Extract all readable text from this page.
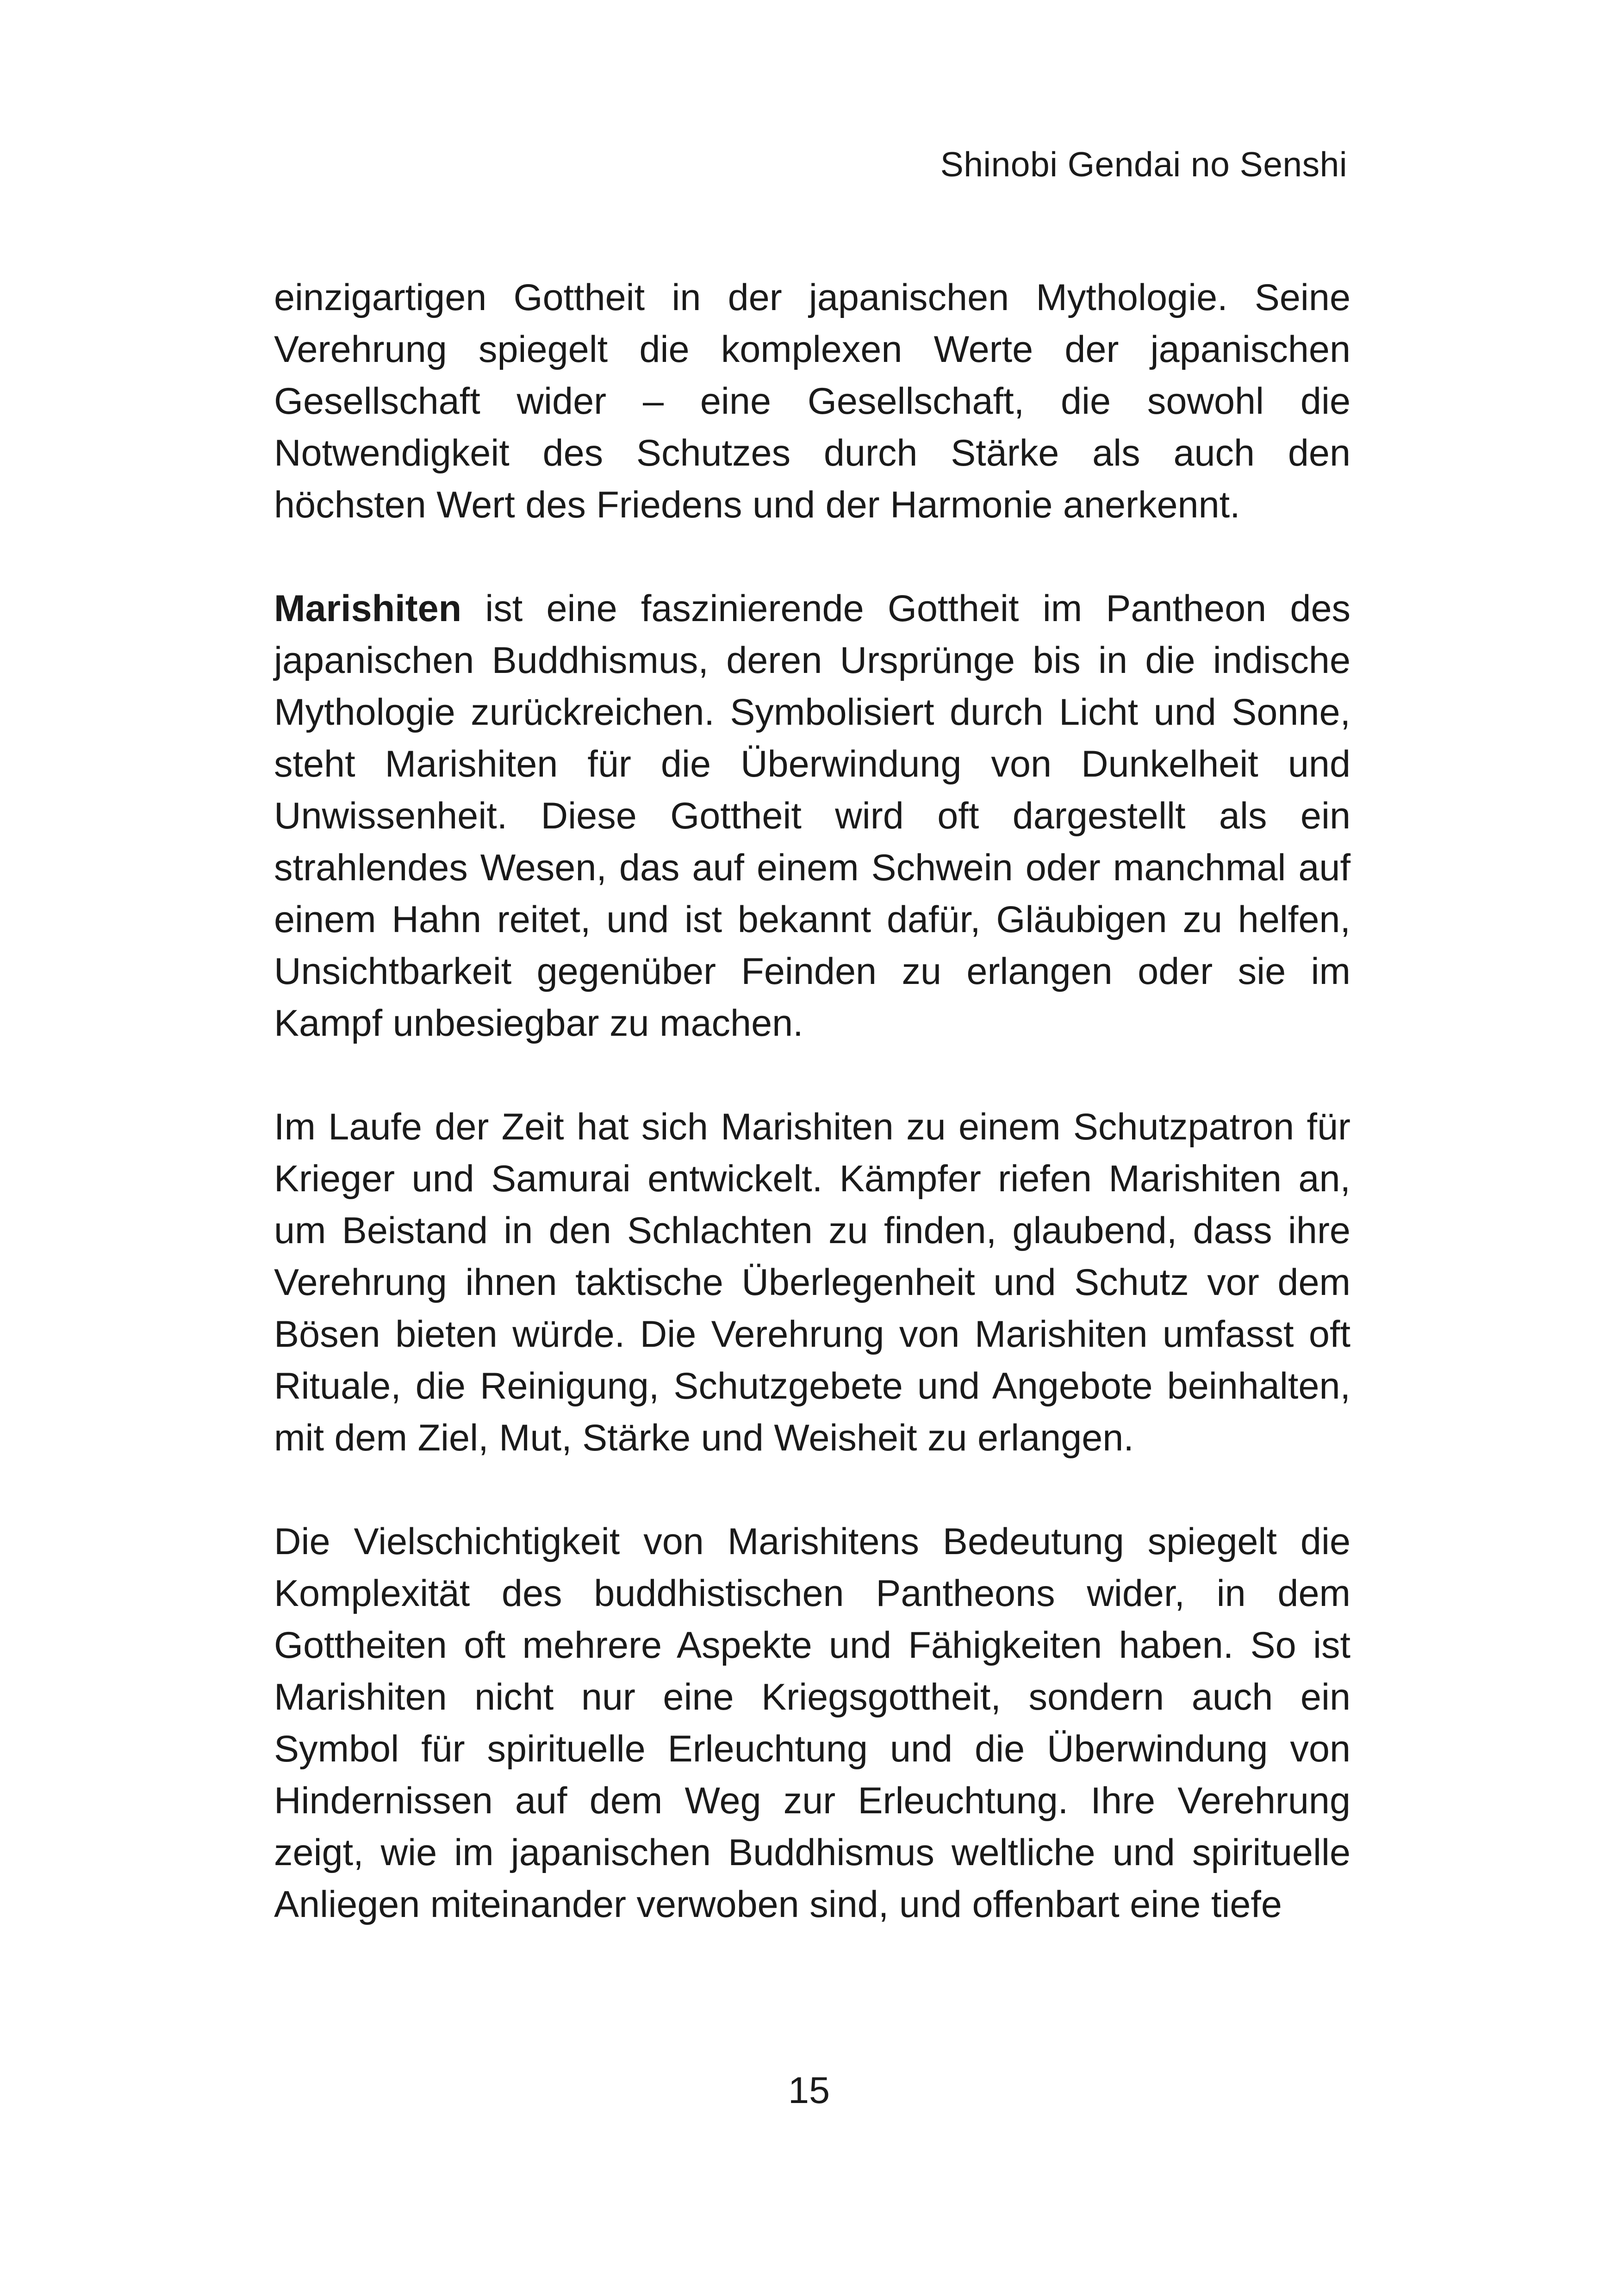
Shinobi Gendai no Senshi

einzigartigen Gottheit in der japanischen Mythologie. Seine Verehrung spiegelt die komplexen Werte der japanischen Gesellschaft wider – eine Gesellschaft, die sowohl die Notwendigkeit des Schutzes durch Stärke als auch den höchsten Wert des Friedens und der Harmonie anerkennt.

Marishiten ist eine faszinierende Gottheit im Pantheon des japanischen Buddhismus, deren Ursprünge bis in die indische Mythologie zurückreichen. Symbolisiert durch Licht und Sonne, steht Marishiten für die Überwindung von Dunkelheit und Unwissenheit. Diese Gottheit wird oft dargestellt als ein strahlendes Wesen, das auf einem Schwein oder manchmal auf einem Hahn reitet, und ist bekannt dafür, Gläubigen zu helfen, Unsichtbarkeit gegenüber Feinden zu erlangen oder sie im Kampf unbesiegbar zu machen.

Im Laufe der Zeit hat sich Marishiten zu einem Schutzpatron für Krieger und Samurai entwickelt. Kämpfer riefen Marishiten an, um Beistand in den Schlachten zu finden, glaubend, dass ihre Verehrung ihnen taktische Überlegenheit und Schutz vor dem Bösen bieten würde. Die Verehrung von Marishiten umfasst oft Rituale, die Reinigung, Schutzgebete und Angebote beinhalten, mit dem Ziel, Mut, Stärke und Weisheit zu erlangen.

Die Vielschichtigkeit von Marishitens Bedeutung spiegelt die Komplexität des buddhistischen Pantheons wider, in dem Gottheiten oft mehrere Aspekte und Fähigkeiten haben. So ist Marishiten nicht nur eine Kriegsgottheit, sondern auch ein Symbol für spirituelle Erleuchtung und die Überwindung von Hindernissen auf dem Weg zur Erleuchtung. Ihre Verehrung zeigt, wie im japanischen Buddhismus weltliche und spirituelle Anliegen miteinander verwoben sind, und offenbart eine tiefe

15
